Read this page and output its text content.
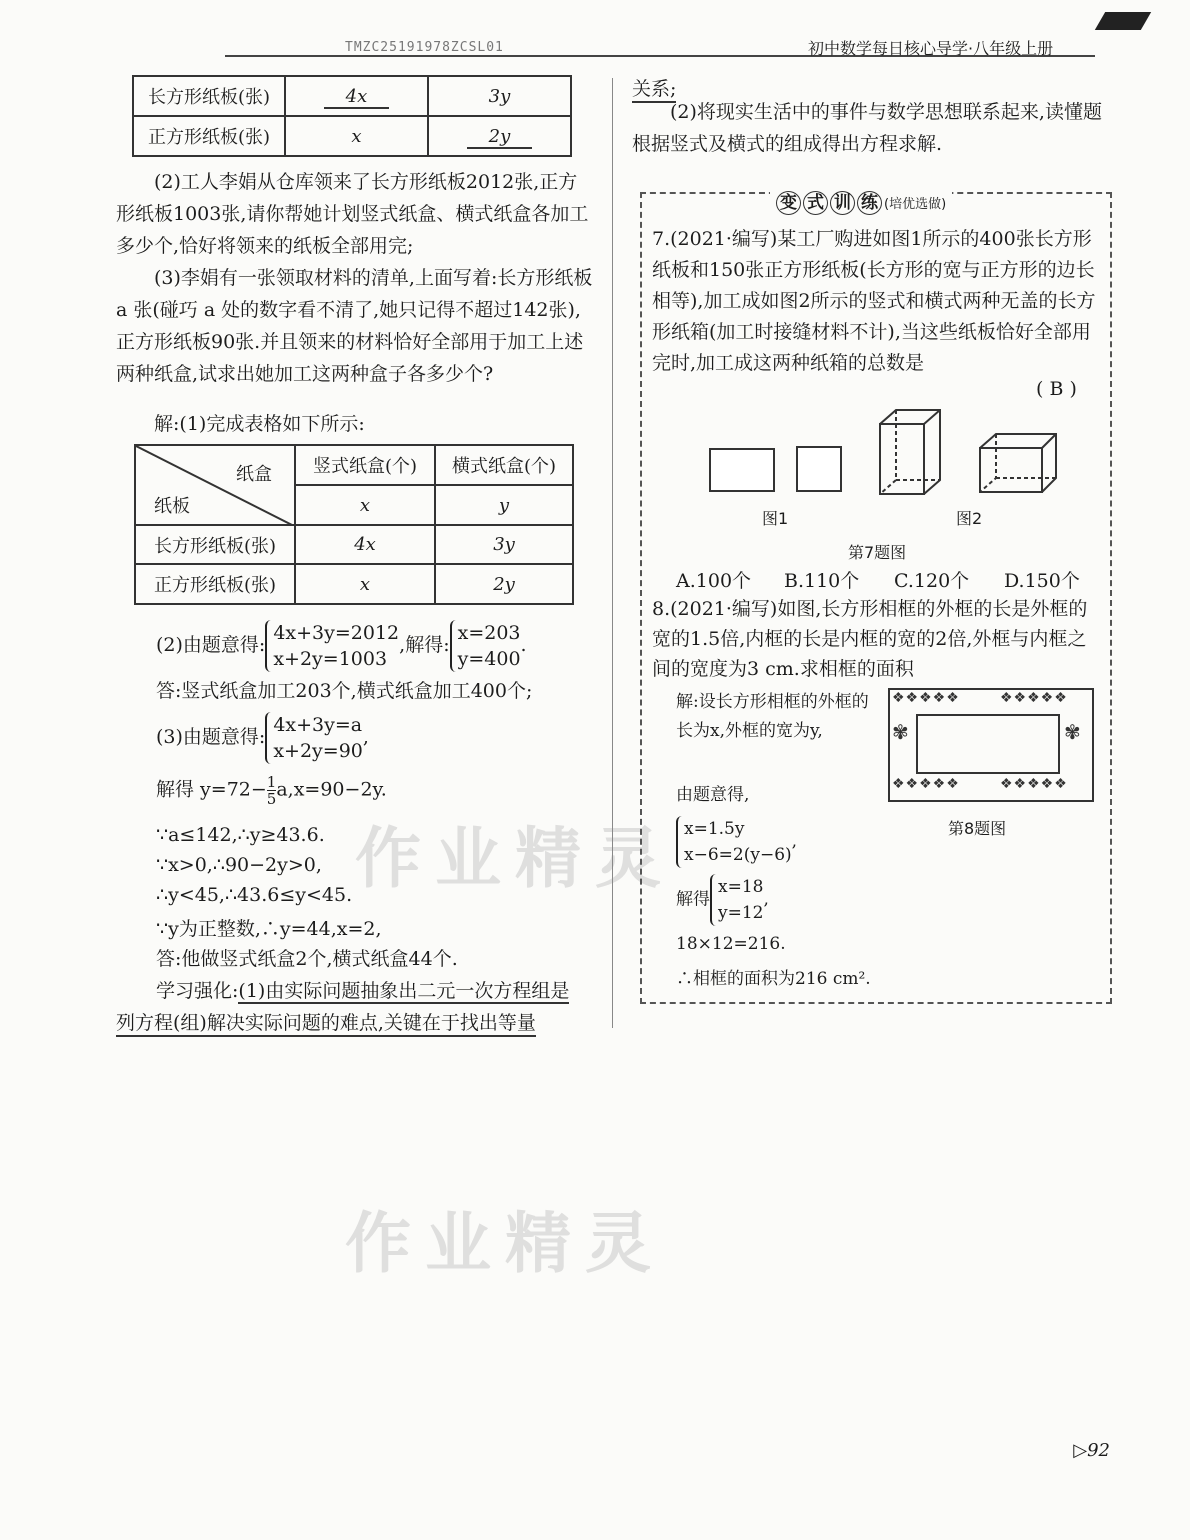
TMZC25191978ZCSL01	初中数学每日核心导学·八年级上册
作业精灵
作业精灵
长方形纸板(张)	4x	3y
正方形纸板(张)	x	2y
(2)工人李娟从仓库领来了长方形纸板2012张,正方形纸板1003张,请你帮她计划竖式纸盒、横式纸盒各加工多少个,恰好将领来的纸板全部用完;
(3)李娟有一张领取材料的清单,上面写着:长方形纸板 a 张(碰巧 a 处的数字看不清了,她只记得不超过142张),正方形纸板90张.并且领来的材料恰好全部用于加工上述两种纸盒,试求出她加工这两种盒子各多少个?
解:(1)完成表格如下所示:
纸盒
纸板	竖式纸盒(个)	横式纸盒(个)
	x	y
长方形纸板(张)	4x	3y
正方形纸板(张)	x	2y
(2)由题意得:
4x+3y=2012
x+2y=1003
,解得:
x=203
y=400
.
答:竖式纸盒加工203个,横式纸盒加工400个;
(3)由题意得:
4x+3y=a
x+2y=90
,
解得 $y=72- \frac{1}{5} a,x=90-2y$.
∵a≤142,∴y≥43.6.
∵x>0,∴90−2y>0,
∴y<45,∴43.6≤y<45.
∵y为正整数,∴y=44,x=2,
答:他做竖式纸盒2个,横式纸盒44个.
学习强化:(1)由实际问题抽象出二元一次方程组是
列方程(组)解决实际问题的难点,关键在于找出等量
关系;
(2)将现实生活中的事件与数学思想联系起来,读懂题根据竖式及横式的组成得出方程求解.
变 式 训 练 (培优选做)
7.(2021·编写)某工厂购进如图1所示的400张长方形纸板和150张正方形纸板(长方形的宽与正方形的边长相等),加工成如图2所示的竖式和横式两种无盖的长方形纸箱(加工时接缝材料不计),当这些纸板恰好全部用完时,加工成这两种纸箱的总数是
( B )
图1	图2
第7题图
A.100个 B.110个 C.120个 D.150个
8.(2021·编写)如图,长方形相框的外框的长是外框的宽的1.5倍,内框的长是内框的宽的2倍,外框与内框之间的宽度为3 cm.求相框的面积
解:设长方形相框的外框的长为x,外框的宽为y,
由题意得,
❖❖❖❖❖	❖❖❖❖❖
❖❖❖❖❖	❖❖❖❖❖
✾	✾
第8题图
x=1.5y
x−6=2(y−6)
,
解得
x=18
y=12
,
18×12=216.
∴相框的面积为216 cm².
▷92
